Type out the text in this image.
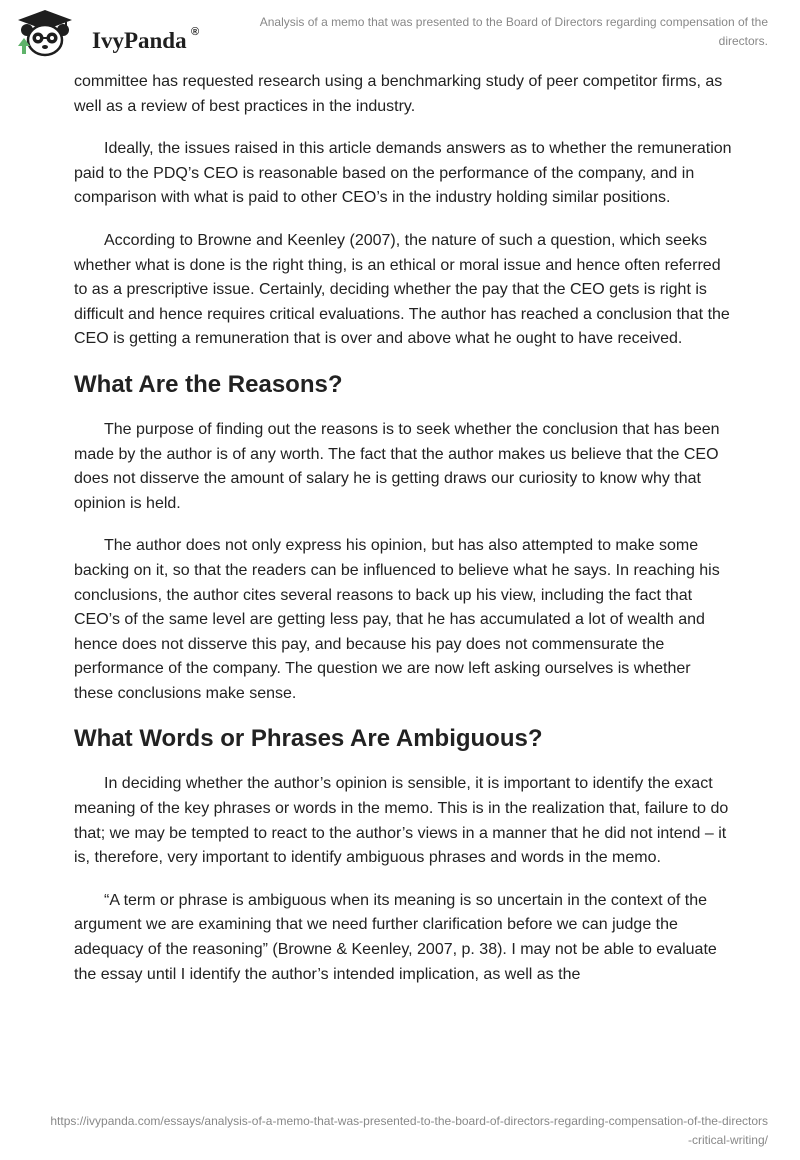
IvyPanda ®
Analysis of a memo that was presented to the Board of Directors regarding compensation of the directors.

committee has requested research using a benchmarking study of peer competitor firms, as well as a review of best practices in the industry.

Ideally, the issues raised in this article demands answers as to whether the remuneration paid to the PDQ’s CEO is reasonable based on the performance of the company, and in comparison with what is paid to other CEO’s in the industry holding similar positions.

According to Browne and Keenley (2007), the nature of such a question, which seeks whether what is done is the right thing, is an ethical or moral issue and hence often referred to as a prescriptive issue. Certainly, deciding whether the pay that the CEO gets is right is difficult and hence requires critical evaluations. The author has reached a conclusion that the CEO is getting a remuneration that is over and above what he ought to have received.

What Are the Reasons?

The purpose of finding out the reasons is to seek whether the conclusion that has been made by the author is of any worth. The fact that the author makes us believe that the CEO does not disserve the amount of salary he is getting draws our curiosity to know why that opinion is held.

The author does not only express his opinion, but has also attempted to make some backing on it, so that the readers can be influenced to believe what he says. In reaching his conclusions, the author cites several reasons to back up his view, including the fact that CEO’s of the same level are getting less pay, that he has accumulated a lot of wealth and hence does not disserve this pay, and because his pay does not commensurate the performance of the company. The question we are now left asking ourselves is whether these conclusions make sense.

What Words or Phrases Are Ambiguous?

In deciding whether the author’s opinion is sensible, it is important to identify the exact meaning of the key phrases or words in the memo. This is in the realization that, failure to do that; we may be tempted to react to the author’s views in a manner that he did not intend – it is, therefore, very important to identify ambiguous phrases and words in the memo.

“A term or phrase is ambiguous when its meaning is so uncertain in the context of the argument we are examining that we need further clarification before we can judge the adequacy of the reasoning” (Browne & Keenley, 2007, p. 38). I may not be able to evaluate the essay until I identify the author’s intended implication, as well as the

https://ivypanda.com/essays/analysis-of-a-memo-that-was-presented-to-the-board-of-directors-regarding-compensation-of-the-directors-critical-writing/
